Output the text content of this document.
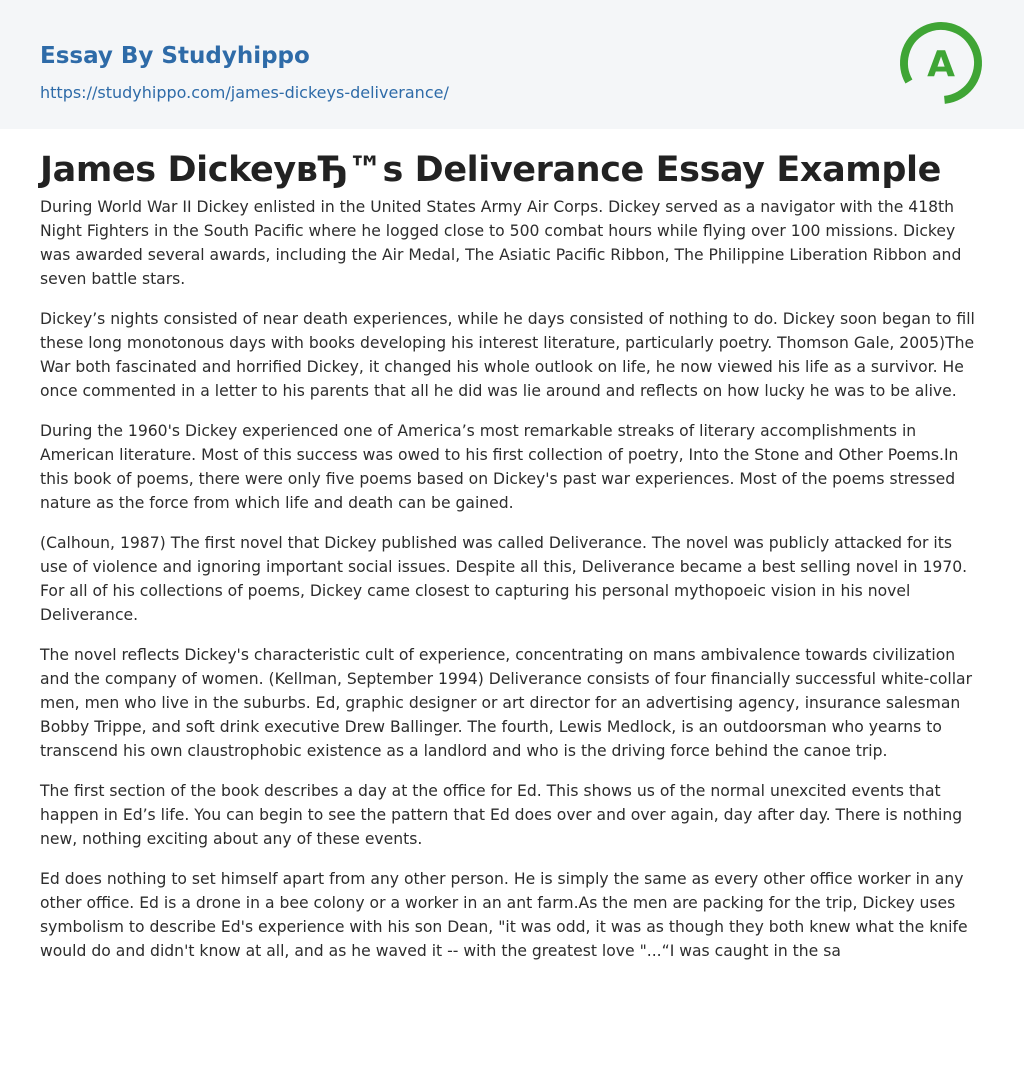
Essay By Studyhippo
https://studyhippo.com/james-dickeys-deliverance/
A
James DickeyвЂ™s Deliverance Essay Example

During World War II Dickey enlisted in the United States Army Air Corps. Dickey served as a navigator with the 418th Night Fighters in the South Pacific where he logged close to 500 combat hours while flying over 100 missions. Dickey was awarded several awards, including the Air Medal, The Asiatic Pacific Ribbon, The Philippine Liberation Ribbon and seven battle stars.

Dickey’s nights consisted of near death experiences, while he days consisted of nothing to do. Dickey soon began to fill these long monotonous days with books developing his interest literature, particularly poetry. Thomson Gale, 2005)The War both fascinated and horrified Dickey, it changed his whole outlook on life, he now viewed his life as a survivor. He once commented in a letter to his parents that all he did was lie around and reflects on how lucky he was to be alive.

During the 1960's Dickey experienced one of America’s most remarkable streaks of literary accomplishments in American literature. Most of this success was owed to his first collection of poetry, Into the Stone and Other Poems.In this book of poems, there were only five poems based on Dickey's past war experiences. Most of the poems stressed nature as the force from which life and death can be gained.

(Calhoun, 1987) The first novel that Dickey published was called Deliverance. The novel was publicly attacked for its use of violence and ignoring important social issues. Despite all this, Deliverance became a best selling novel in 1970. For all of his collections of poems, Dickey came closest to capturing his personal mythopoeic vision in his novel Deliverance.

The novel reflects Dickey's characteristic cult of experience, concentrating on mans ambivalence towards civilization and the company of women. (Kellman, September 1994) Deliverance consists of four financially successful white-collar men, men who live in the suburbs. Ed, graphic designer or art director for an advertising agency, insurance salesman Bobby Trippe, and soft drink executive Drew Ballinger. The fourth, Lewis Medlock, is an outdoorsman who yearns to transcend his own claustrophobic existence as a landlord and who is the driving force behind the canoe trip.

The first section of the book describes a day at the office for Ed. This shows us of the normal unexcited events that happen in Ed’s life. You can begin to see the pattern that Ed does over and over again, day after day. There is nothing new, nothing exciting about any of these events.

Ed does nothing to set himself apart from any other person. He is simply the same as every other office worker in any other office. Ed is a drone in a bee colony or a worker in an ant farm.As the men are packing for the trip, Dickey uses symbolism to describe Ed's experience with his son Dean, "it was odd, it was as though they both knew what the knife would do and didn't know at all, and as he waved it -- with the greatest love "...“I was caught in the sa
